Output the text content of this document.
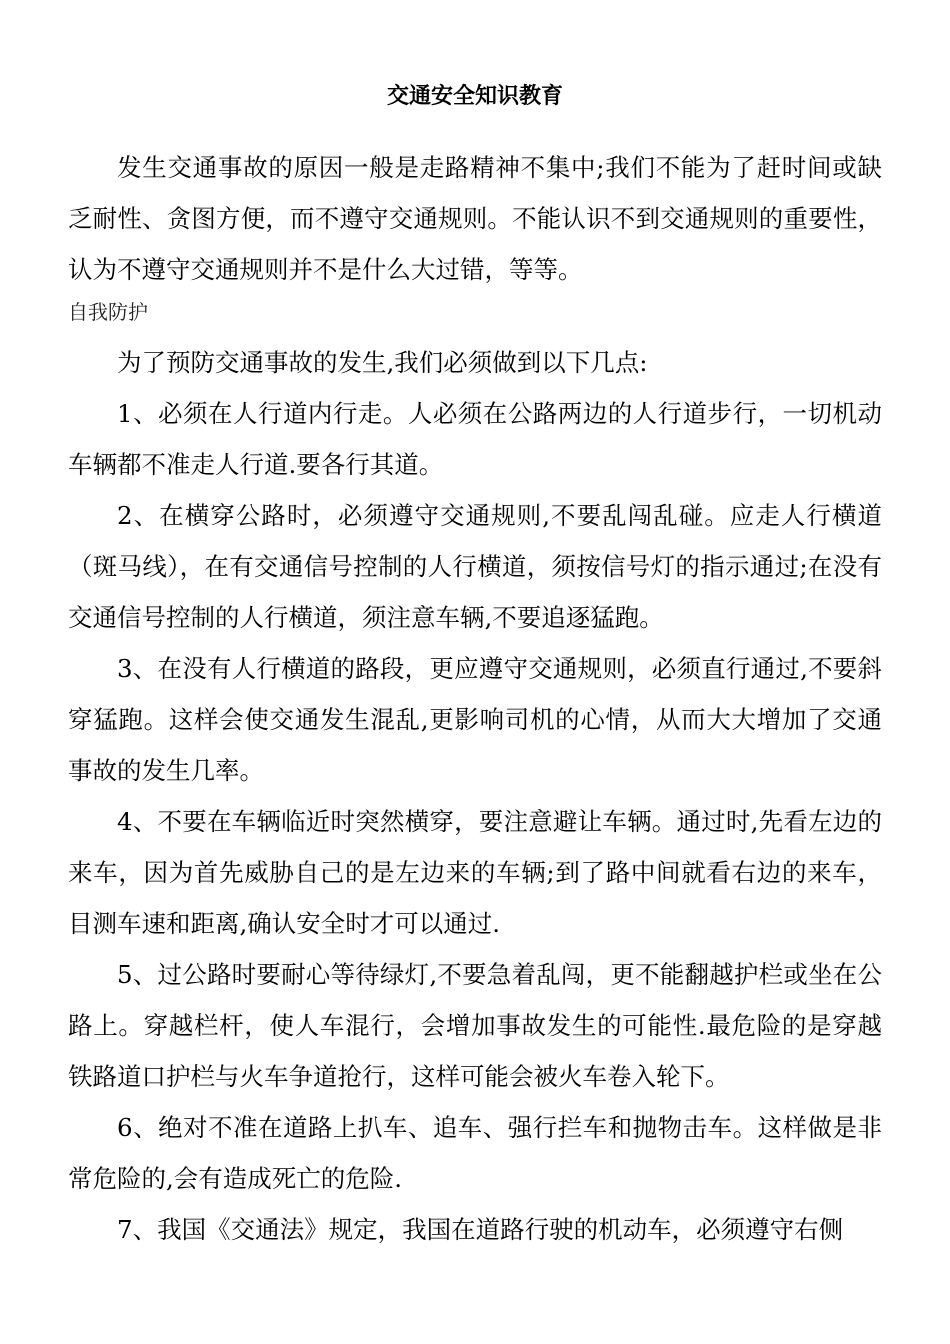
交通安全知识教育

发生交通事故的原因一般是走路精神不集中;我们不能为了赶时间或缺乏耐性、贪图方便，而不遵守交通规则。不能认识不到交通规则的重要性，认为不遵守交通规则并不是什么大过错，等等。

自我防护

为了预防交通事故的发生,我们必须做到以下几点:

1、必须在人行道内行走。人必须在公路两边的人行道步行，一切机动车辆都不准走人行道.要各行其道。

2、在横穿公路时，必须遵守交通规则,不要乱闯乱碰。应走人行横道（斑马线），在有交通信号控制的人行横道，须按信号灯的指示通过;在没有交通信号控制的人行横道，须注意车辆,不要追逐猛跑。

3、在没有人行横道的路段，更应遵守交通规则，必须直行通过,不要斜穿猛跑。这样会使交通发生混乱,更影响司机的心情，从而大大增加了交通事故的发生几率。

4、不要在车辆临近时突然横穿，要注意避让车辆。通过时,先看左边的来车，因为首先威胁自己的是左边来的车辆;到了路中间就看右边的来车，目测车速和距离,确认安全时才可以通过.

5、过公路时要耐心等待绿灯,不要急着乱闯，更不能翻越护栏或坐在公路上。穿越栏杆，使人车混行，会增加事故发生的可能性.最危险的是穿越铁路道口护栏与火车争道抢行，这样可能会被火车卷入轮下。

6、绝对不准在道路上扒车、追车、强行拦车和抛物击车。这样做是非常危险的,会有造成死亡的危险.

7、我国《交通法》规定，我国在道路行驶的机动车，必须遵守右侧
